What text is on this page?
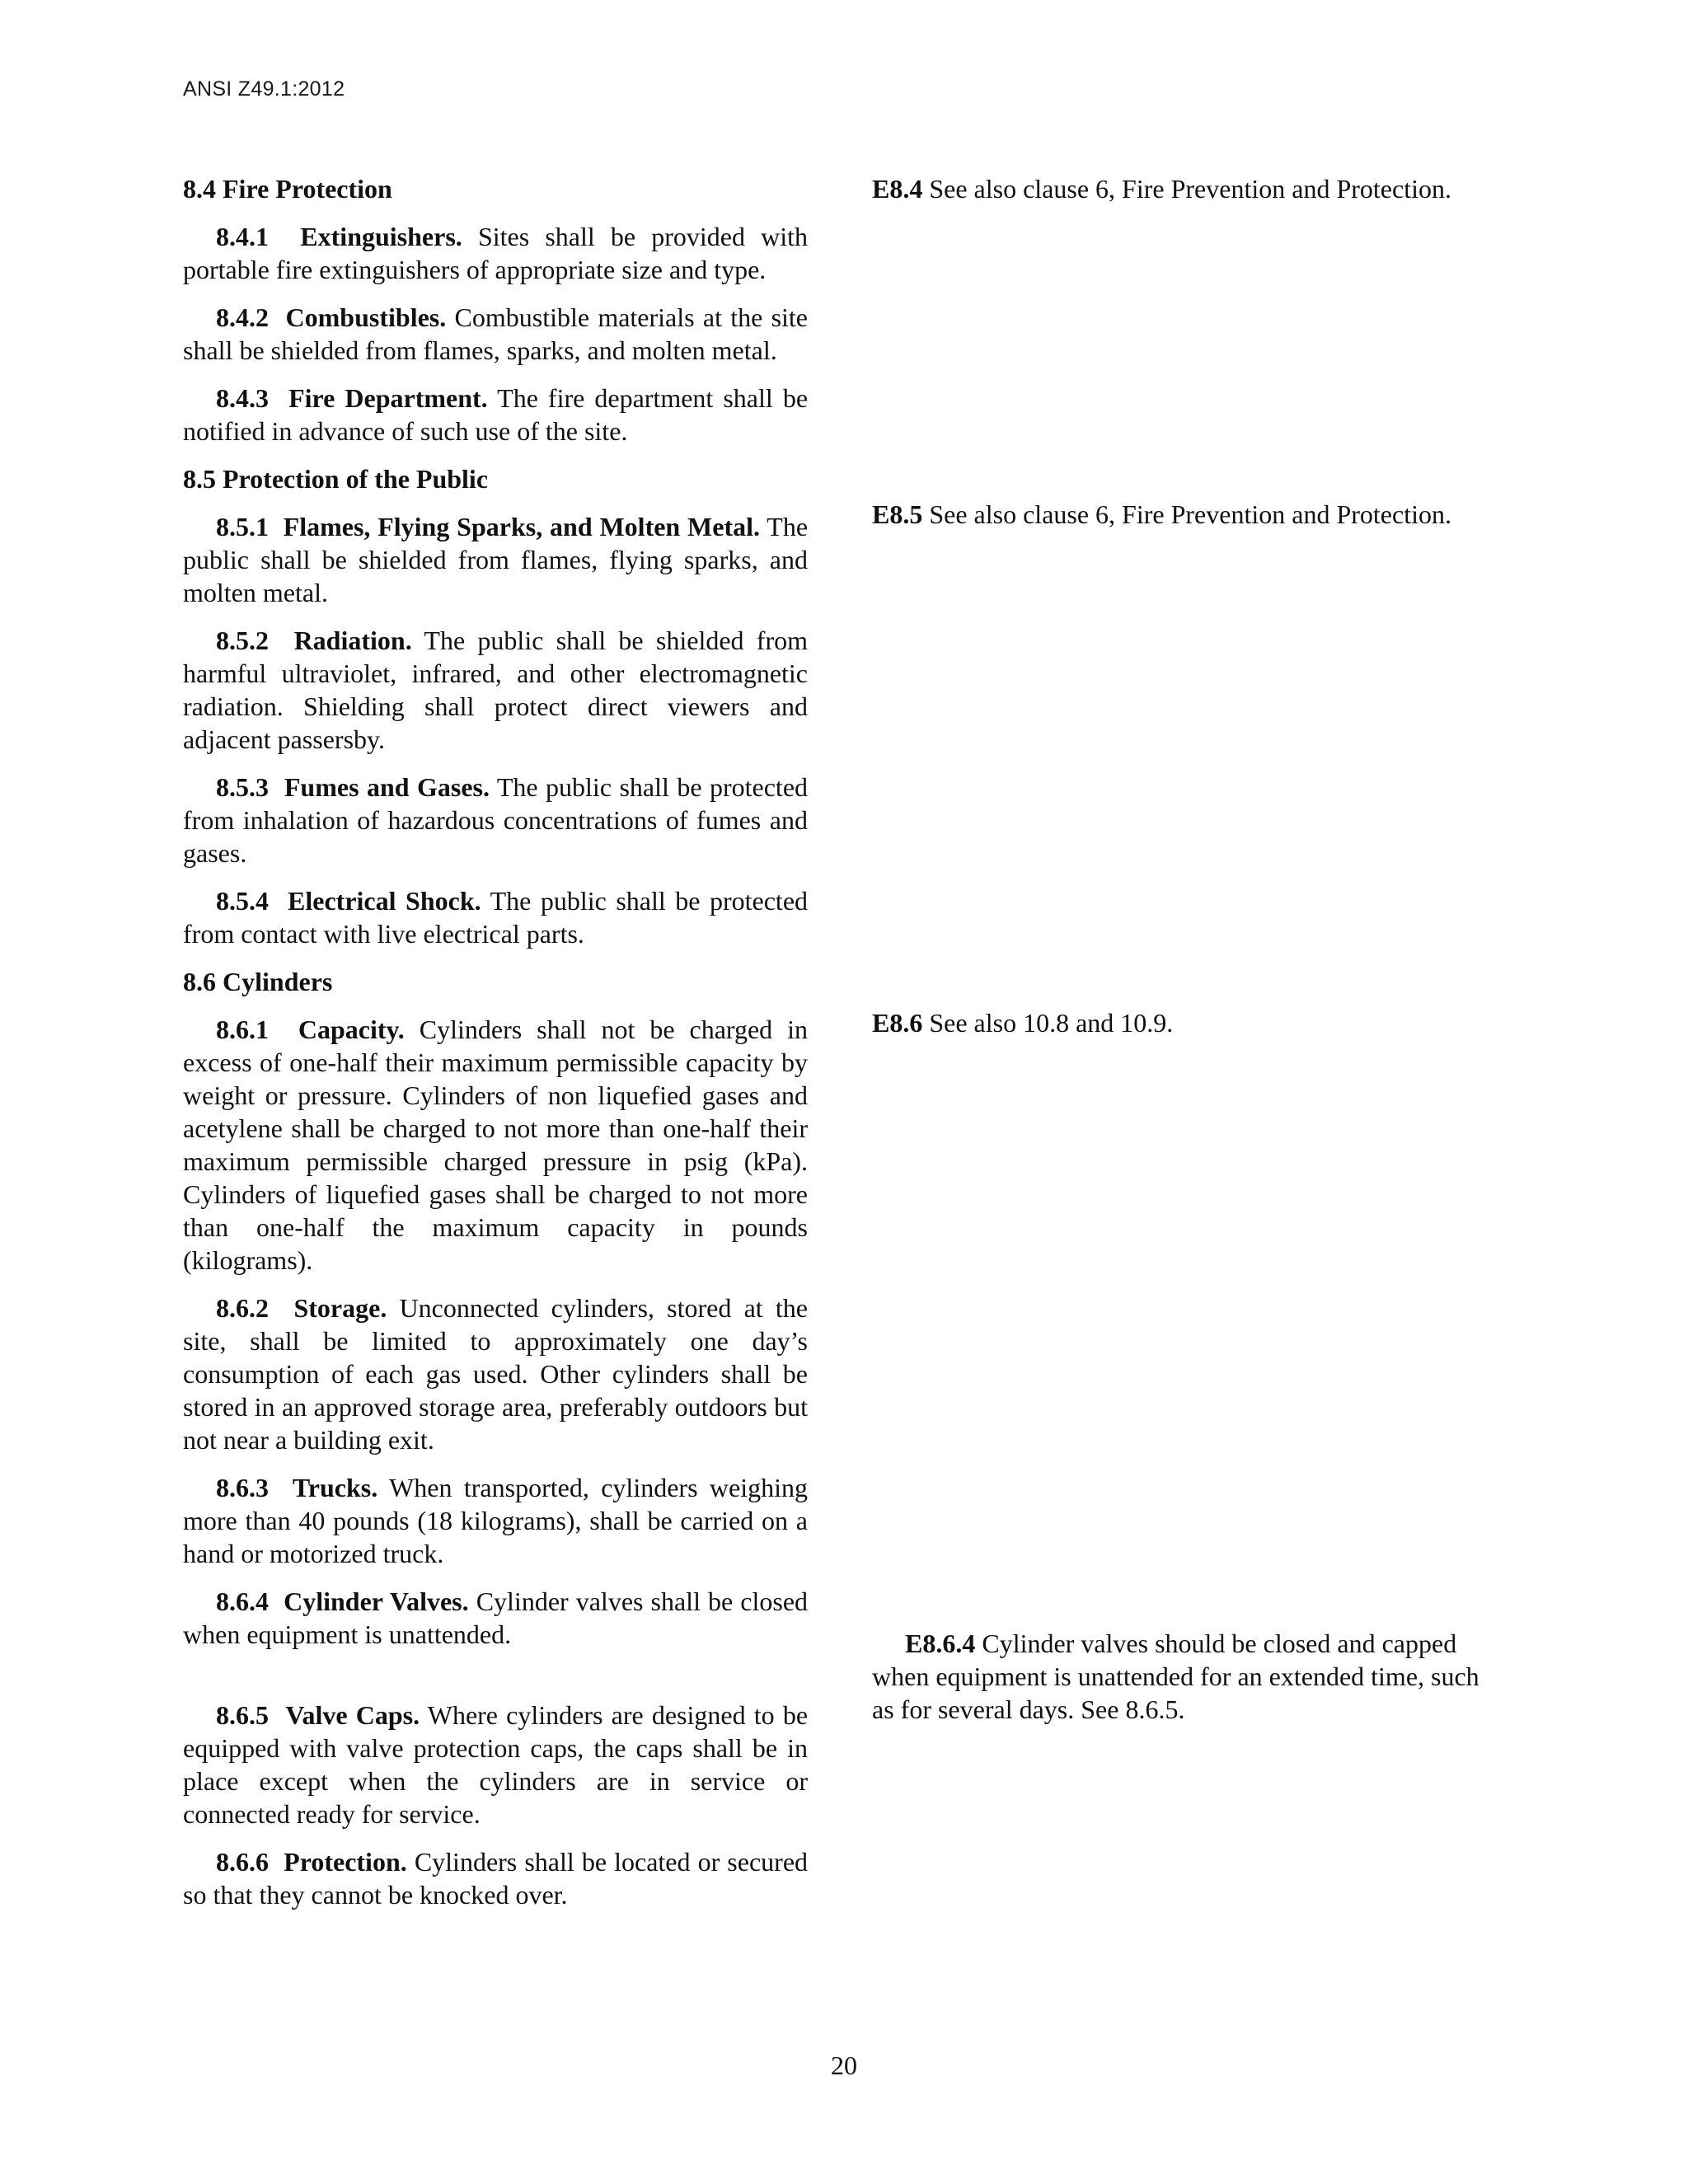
ANSI Z49.1:2012

8.4 Fire Protection

8.4.1 Extinguishers. Sites shall be provided with portable fire extinguishers of appropriate size and type.

8.4.2 Combustibles. Combustible materials at the site shall be shielded from flames, sparks, and molten metal.

8.4.3 Fire Department. The fire department shall be notified in advance of such use of the site.

8.5 Protection of the Public

8.5.1 Flames, Flying Sparks, and Molten Metal. The public shall be shielded from flames, flying sparks, and molten metal.

8.5.2 Radiation. The public shall be shielded from harmful ultraviolet, infrared, and other electromagnetic radiation. Shielding shall protect direct viewers and adjacent passersby.

8.5.3 Fumes and Gases. The public shall be protected from inhalation of hazardous concentrations of fumes and gases.

8.5.4 Electrical Shock. The public shall be protected from contact with live electrical parts.

8.6 Cylinders

8.6.1 Capacity. Cylinders shall not be charged in excess of one-half their maximum permissible capacity by weight or pressure. Cylinders of non liquefied gases and acetylene shall be charged to not more than one-half their maximum permissible charged pressure in psig (kPa). Cylinders of liquefied gases shall be charged to not more than one-half the maximum capacity in pounds (kilograms).

8.6.2 Storage. Unconnected cylinders, stored at the site, shall be limited to approximately one day’s consumption of each gas used. Other cylinders shall be stored in an approved storage area, preferably outdoors but not near a building exit.

8.6.3 Trucks. When transported, cylinders weighing more than 40 pounds (18 kilograms), shall be carried on a hand or motorized truck.

8.6.4 Cylinder Valves. Cylinder valves shall be closed when equipment is unattended.

8.6.5 Valve Caps. Where cylinders are designed to be equipped with valve protection caps, the caps shall be in place except when the cylinders are in service or connected ready for service.

8.6.6 Protection. Cylinders shall be located or secured so that they cannot be knocked over.

E8.4 See also clause 6, Fire Prevention and Protection.

E8.5 See also clause 6, Fire Prevention and Protection.

E8.6 See also 10.8 and 10.9.

E8.6.4 Cylinder valves should be closed and capped when equipment is unattended for an extended time, such as for several days. See 8.6.5.

20
